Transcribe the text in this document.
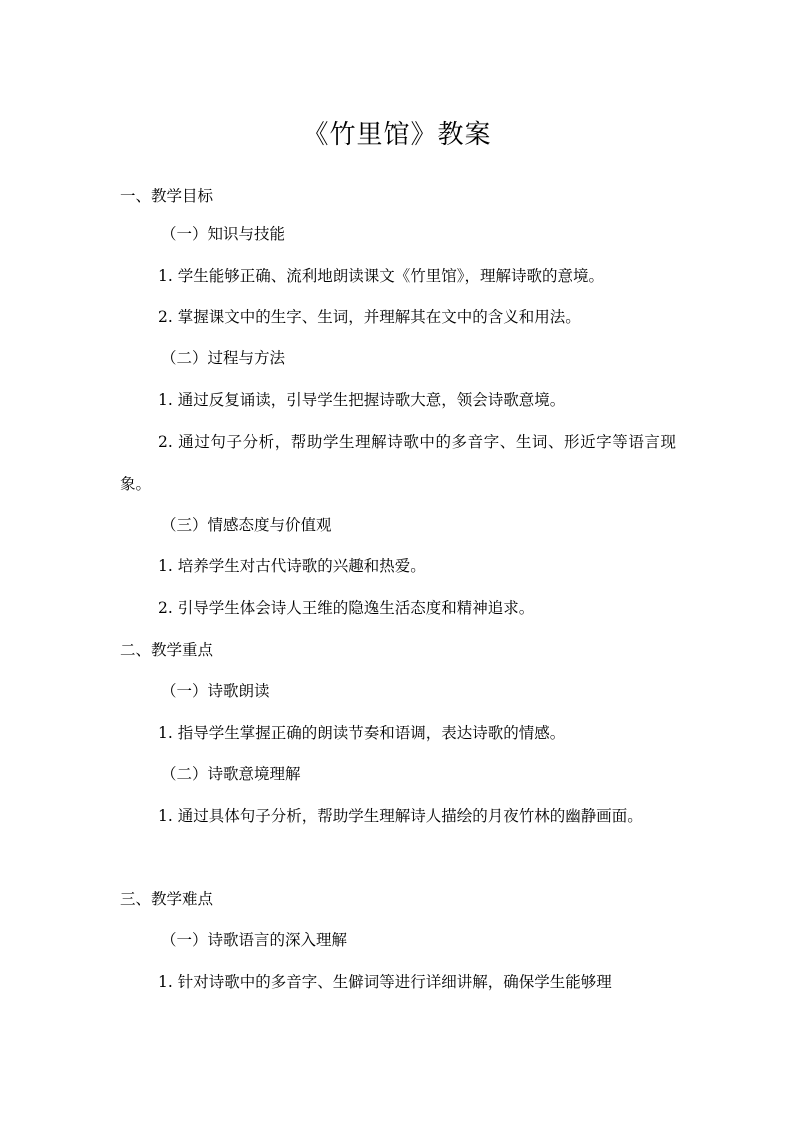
《竹里馆》教案

一、教学目标

（一）知识与技能

1. 学生能够正确、流利地朗读课文《竹里馆》，理解诗歌的意境。

2. 掌握课文中的生字、生词，并理解其在文中的含义和用法。

（二）过程与方法

1. 通过反复诵读，引导学生把握诗歌大意，领会诗歌意境。

2. 通过句子分析，帮助学生理解诗歌中的多音字、生词、形近字等语言现象。

（三）情感态度与价值观

1. 培养学生对古代诗歌的兴趣和热爱。

2. 引导学生体会诗人王维的隐逸生活态度和精神追求。

二、教学重点

（一）诗歌朗读

1. 指导学生掌握正确的朗读节奏和语调，表达诗歌的情感。

（二）诗歌意境理解

1. 通过具体句子分析，帮助学生理解诗人描绘的月夜竹林的幽静画面。

三、教学难点

（一）诗歌语言的深入理解

1. 针对诗歌中的多音字、生僻词等进行详细讲解，确保学生能够理
